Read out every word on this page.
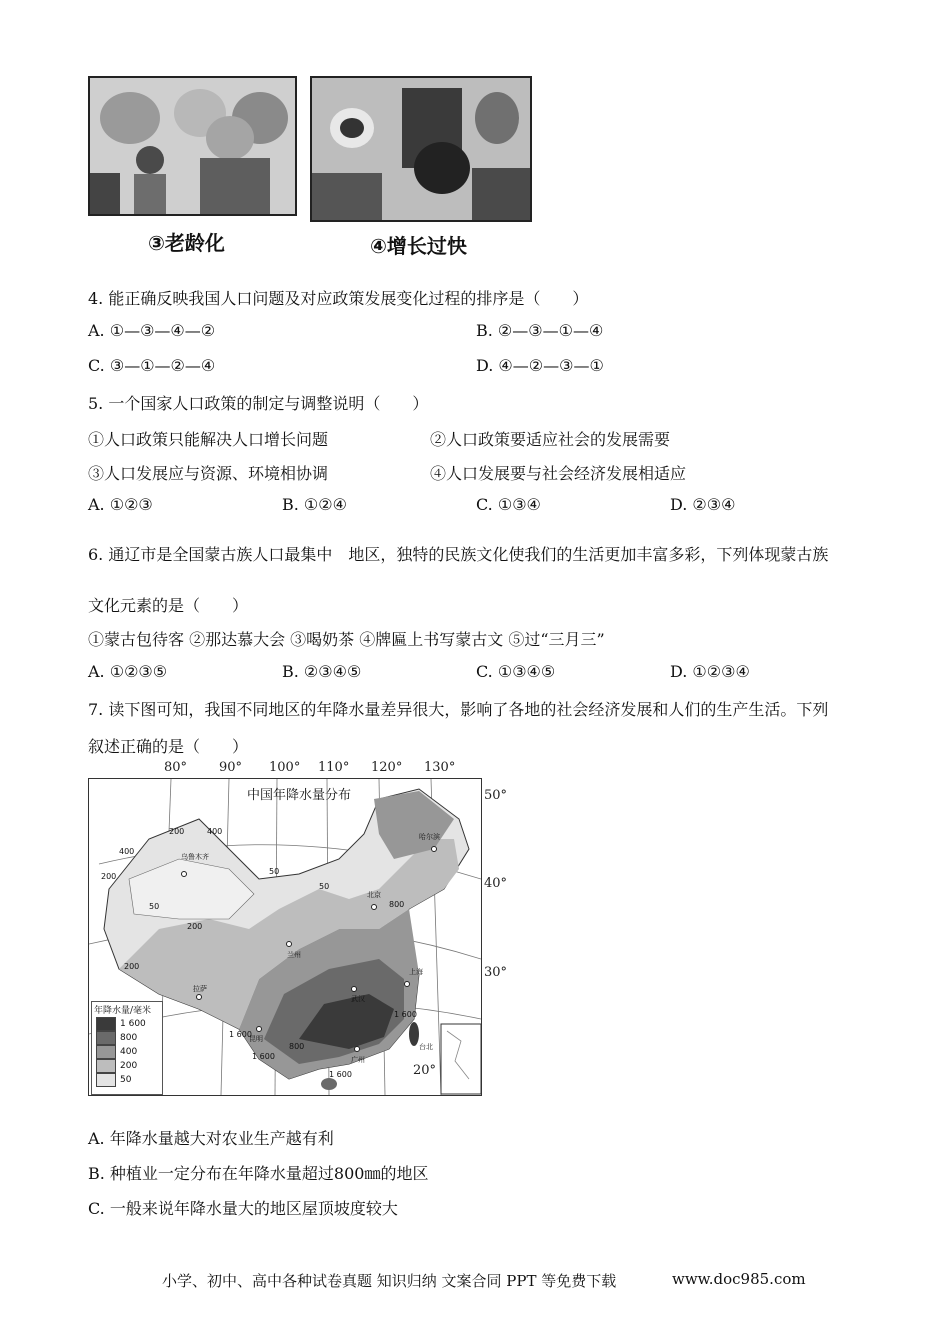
③老龄化	④增长过快
4. 能正确反映我国人口问题及对应政策发展变化过程的排序是（　　）
A. ①—③—④—②	B. ②—③—①—④
C. ③—①—②—④	D. ④—②—③—①
5. 一个国家人口政策的制定与调整说明（　　）
①人口政策只能解决人口增长问题	②人口政策要适应社会的发展需要
③人口发展应与资源、环境相协调	④人口发展要与社会经济发展相适应
A. ①②③	B. ①②④	C. ①③④	D. ②③④
6. 通辽市是全国蒙古族人口最集中　地区，独特的民族文化使我们的生活更加丰富多彩，下列体现蒙古族
文化元素的是（　　）
①蒙古包待客 ②那达慕大会 ③喝奶茶 ④牌匾上书写蒙古文 ⑤过“三月三”
A. ①②③⑤	B. ②③④⑤	C. ①③④⑤	D. ①②③④
7. 读下图可知，我国不同地区的年降水量差异很大，影响了各地的社会经济发展和人们的生产生活。下列
叙述正确的是（　　）
80° 90° 100° 110° 120° 130°
中国年降水量分布
200	400
400
200
50
50
200
200
50
800
1 600
1 600
1 600
1 600
800
乌鲁木齐
哈尔滨
北京
上海
武汉
兰州
拉萨
昆明
台北
广州
年降水量/毫米
1 600
800
400
200
50
50°
40°
30°
20°
A. 年降水量越大对农业生产越有利
B. 种植业一定分布在年降水量超过800㎜的地区
C. 一般来说年降水量大的地区屋顶坡度较大
小学、初中、高中各种试卷真题 知识归纳 文案合同 PPT 等免费下载	www.doc985.com
